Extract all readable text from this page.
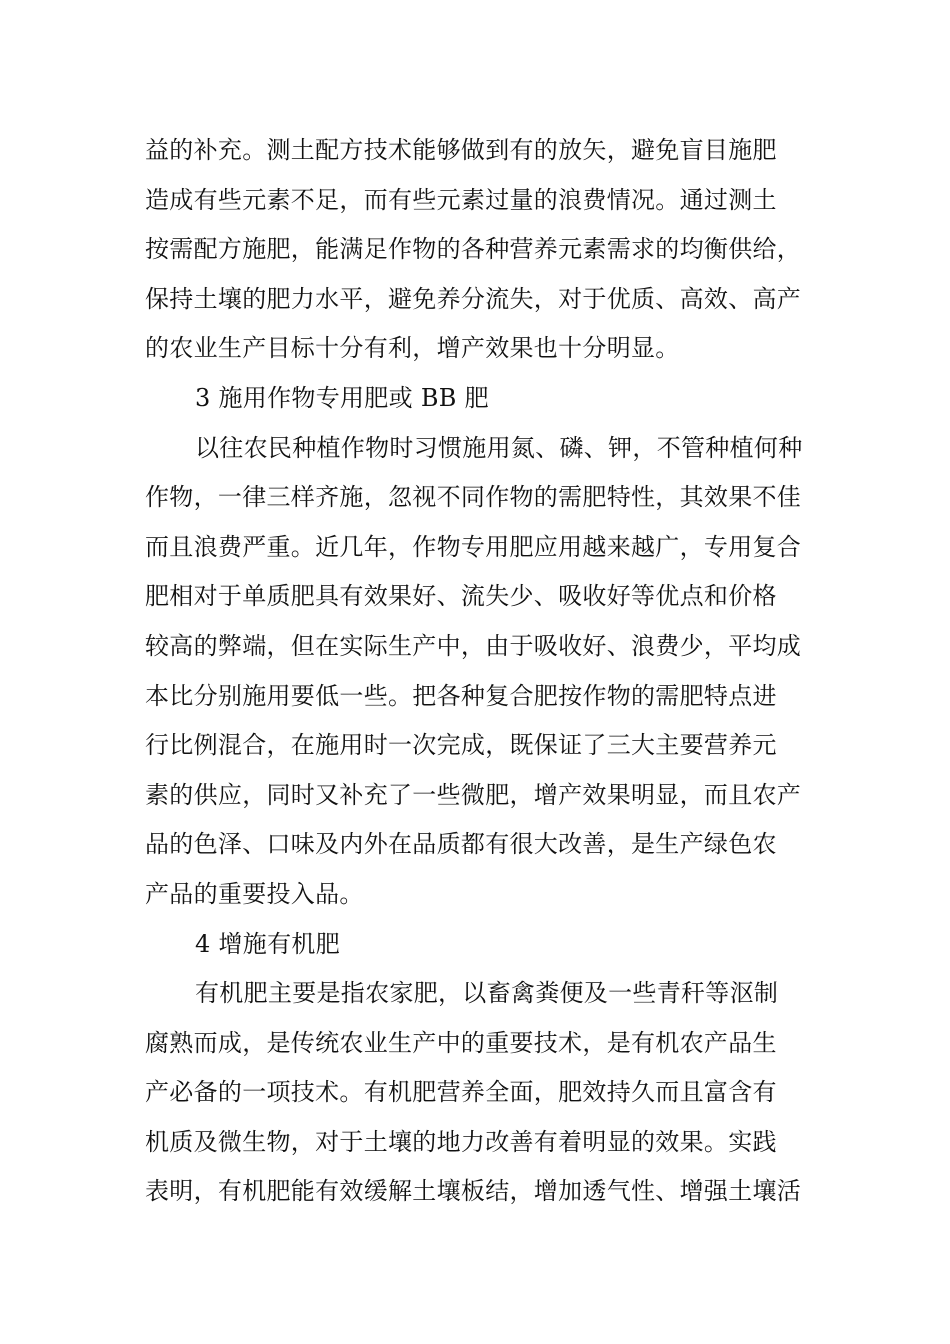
益的补充。测土配方技术能够做到有的放矢，避免盲目施肥
造成有些元素不足，而有些元素过量的浪费情况。通过测土
按需配方施肥，能满足作物的各种营养元素需求的均衡供给，
保持土壤的肥力水平，避免养分流失，对于优质、高效、高产
的农业生产目标十分有利，增产效果也十分明显。
3 施用作物专用肥或 BB 肥
以往农民种植作物时习惯施用氮、磷、钾，不管种植何种
作物，一律三样齐施，忽视不同作物的需肥特性，其效果不佳
而且浪费严重。近几年，作物专用肥应用越来越广，专用复合
肥相对于单质肥具有效果好、流失少、吸收好等优点和价格
较高的弊端，但在实际生产中，由于吸收好、浪费少，平均成
本比分别施用要低一些。把各种复合肥按作物的需肥特点进
行比例混合，在施用时一次完成，既保证了三大主要营养元
素的供应，同时又补充了一些微肥，增产效果明显，而且农产
品的色泽、口味及内外在品质都有很大改善，是生产绿色农
产品的重要投入品。
4 增施有机肥
有机肥主要是指农家肥，以畜禽粪便及一些青秆等沤制
腐熟而成，是传统农业生产中的重要技术，是有机农产品生
产必备的一项技术。有机肥营养全面，肥效持久而且富含有
机质及微生物，对于土壤的地力改善有着明显的效果。实践
表明，有机肥能有效缓解土壤板结，增加透气性、增强土壤活
